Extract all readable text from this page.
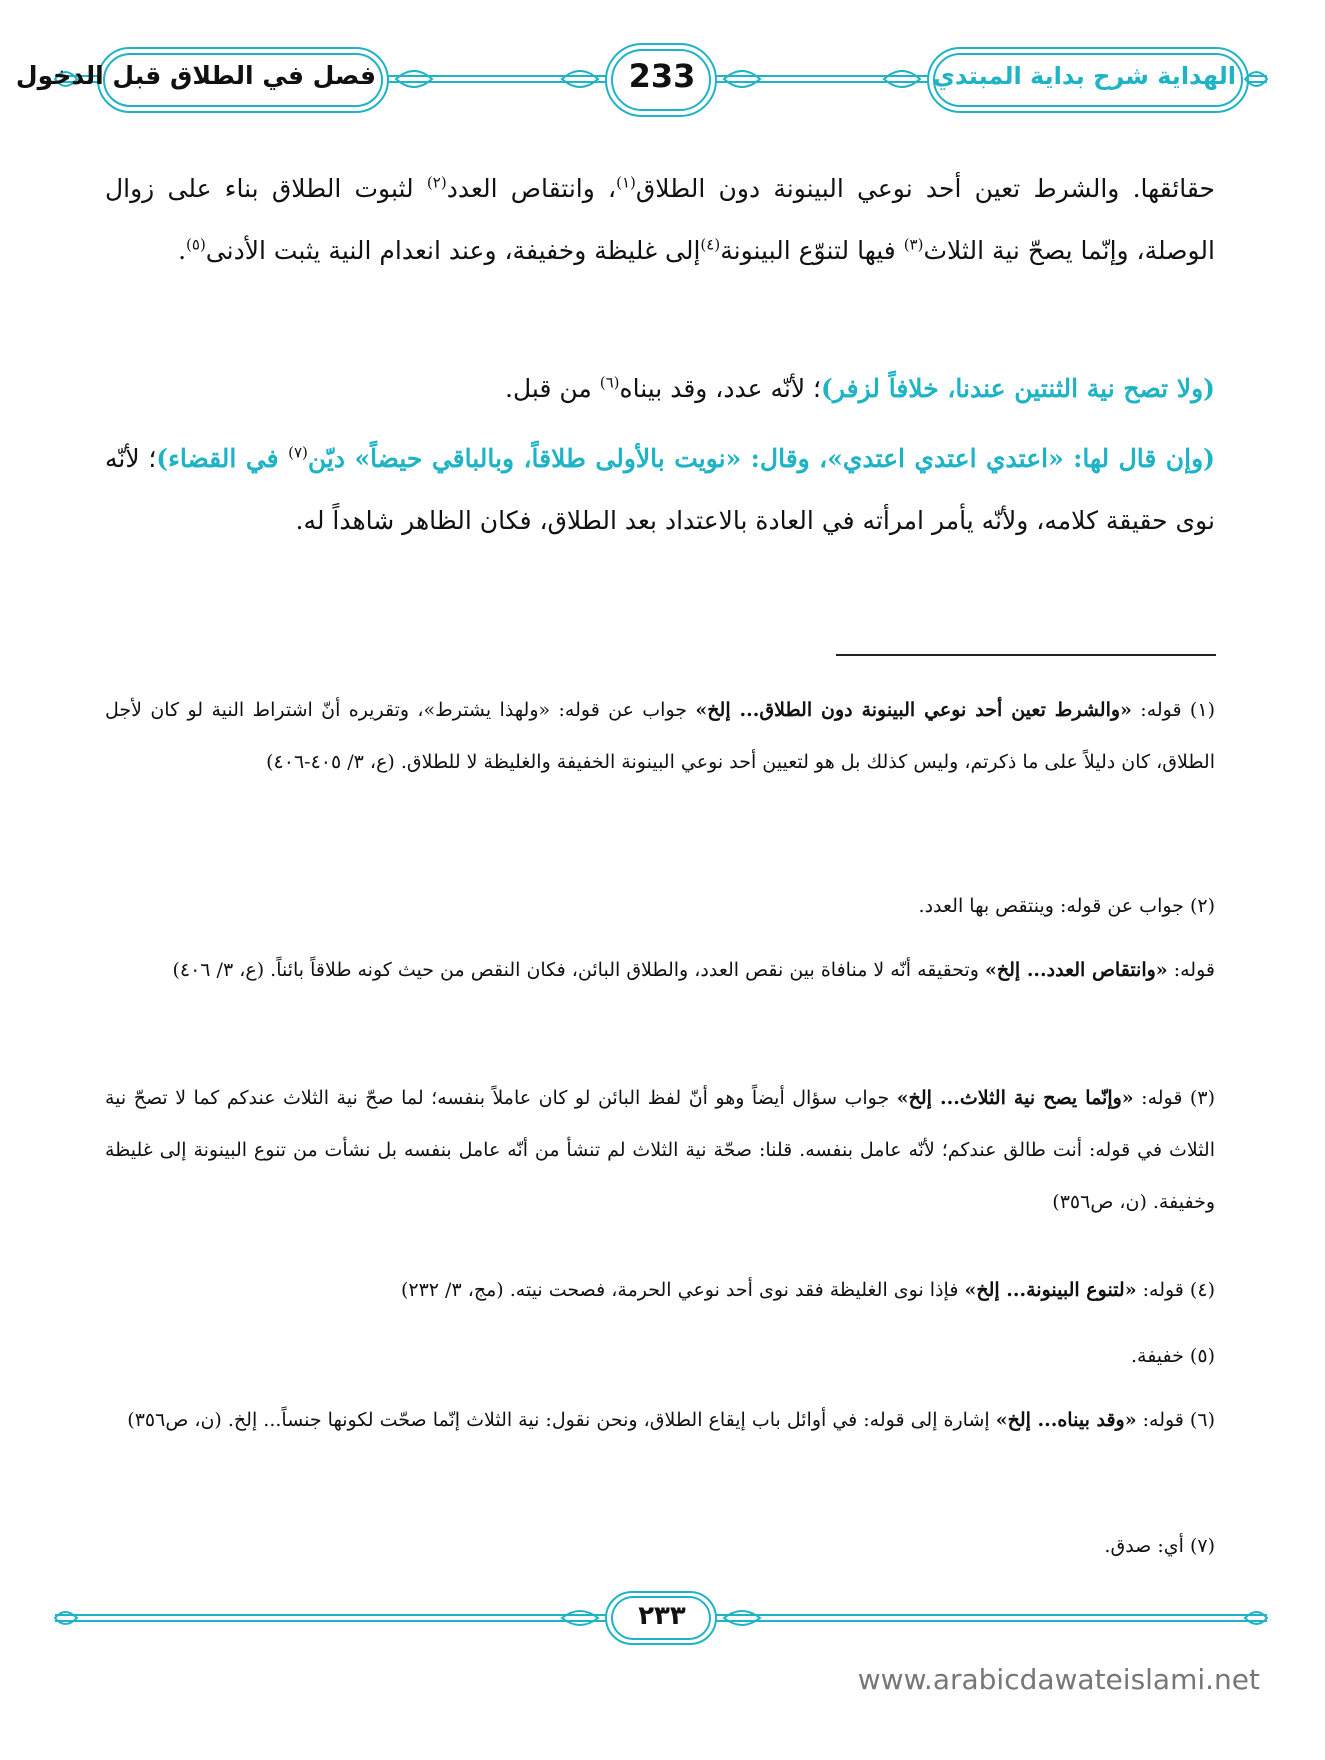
الهداية شرح بداية المبتدي
233
فصل في الطلاق قبل الدخول

حقائقها. والشرط تعين أحد نوعي البينونة دون الطلاق$^{(١)}$، وانتقاص العدد$^{(٢)}$ لثبوت الطلاق بناء على زوال الوصلة، وإنّما يصحّ نية الثلاث$^{(٣)}$ فيها لتنوّع البينونة$^{(٤)}$إلى غليظة وخفيفة، وعند انعدام النية يثبت الأدنى$^{(٥)}$.

(ولا تصح نية الثنتين عندنا، خلافاً لزفر)؛ لأنّه عدد، وقد بيناه$^{(٦)}$ من قبل.

(وإن قال لها: «اعتدي اعتدي اعتدي»، وقال: «نويت بالأولى طلاقاً، وبالباقي حيضاً» ديّن$^{(٧)}$ في القضاء)؛ لأنّه نوى حقيقة كلامه، ولأنّه يأمر امرأته في العادة بالاعتداد بعد الطلاق، فكان الظاهر شاهداً له.

(١) قوله: «والشرط تعين أحد نوعي البينونة دون الطلاق... إلخ» جواب عن قوله: «ولهذا يشترط»، وتقريره أنّ اشتراط النية لو كان لأجل الطلاق، كان دليلاً على ما ذكرتم، وليس كذلك بل هو لتعيين أحد نوعي البينونة الخفيفة والغليظة لا للطلاق. (ع، ٣/ ٤٠٥-٤٠٦)

(٢) جواب عن قوله: وينتقص بها العدد.

قوله: «وانتقاص العدد... إلخ» وتحقيقه أنّه لا منافاة بين نقص العدد، والطلاق البائن، فكان النقص من حيث كونه طلاقاً بائناً. (ع، ٣/ ٤٠٦)

(٣) قوله: «وإنّما يصح نية الثلاث... إلخ» جواب سؤال أيضاً وهو أنّ لفظ البائن لو كان عاملاً بنفسه؛ لما صحّ نية الثلاث عندكم كما لا تصحّ نية الثلاث في قوله: أنت طالق عندكم؛ لأنّه عامل بنفسه. قلنا: صحّة نية الثلاث لم تنشأ من أنّه عامل بنفسه بل نشأت من تنوع البينونة إلى غليظة وخفيفة. (ن، ص٣٥٦)

(٤) قوله: «لتنوع البينونة... إلخ» فإذا نوى الغليظة فقد نوى أحد نوعي الحرمة، فصحت نيته. (مج، ٣/ ٢٣٢)

(٥) خفيفة.

(٦) قوله: «وقد بيناه... إلخ» إشارة إلى قوله: في أوائل باب إيقاع الطلاق، ونحن نقول: نية الثلاث إنّما صحّت لكونها جنساً... إلخ. (ن، ص٣٥٦)

(٧) أي: صدق.

٢٣٣
www.arabicdawateislami.net
